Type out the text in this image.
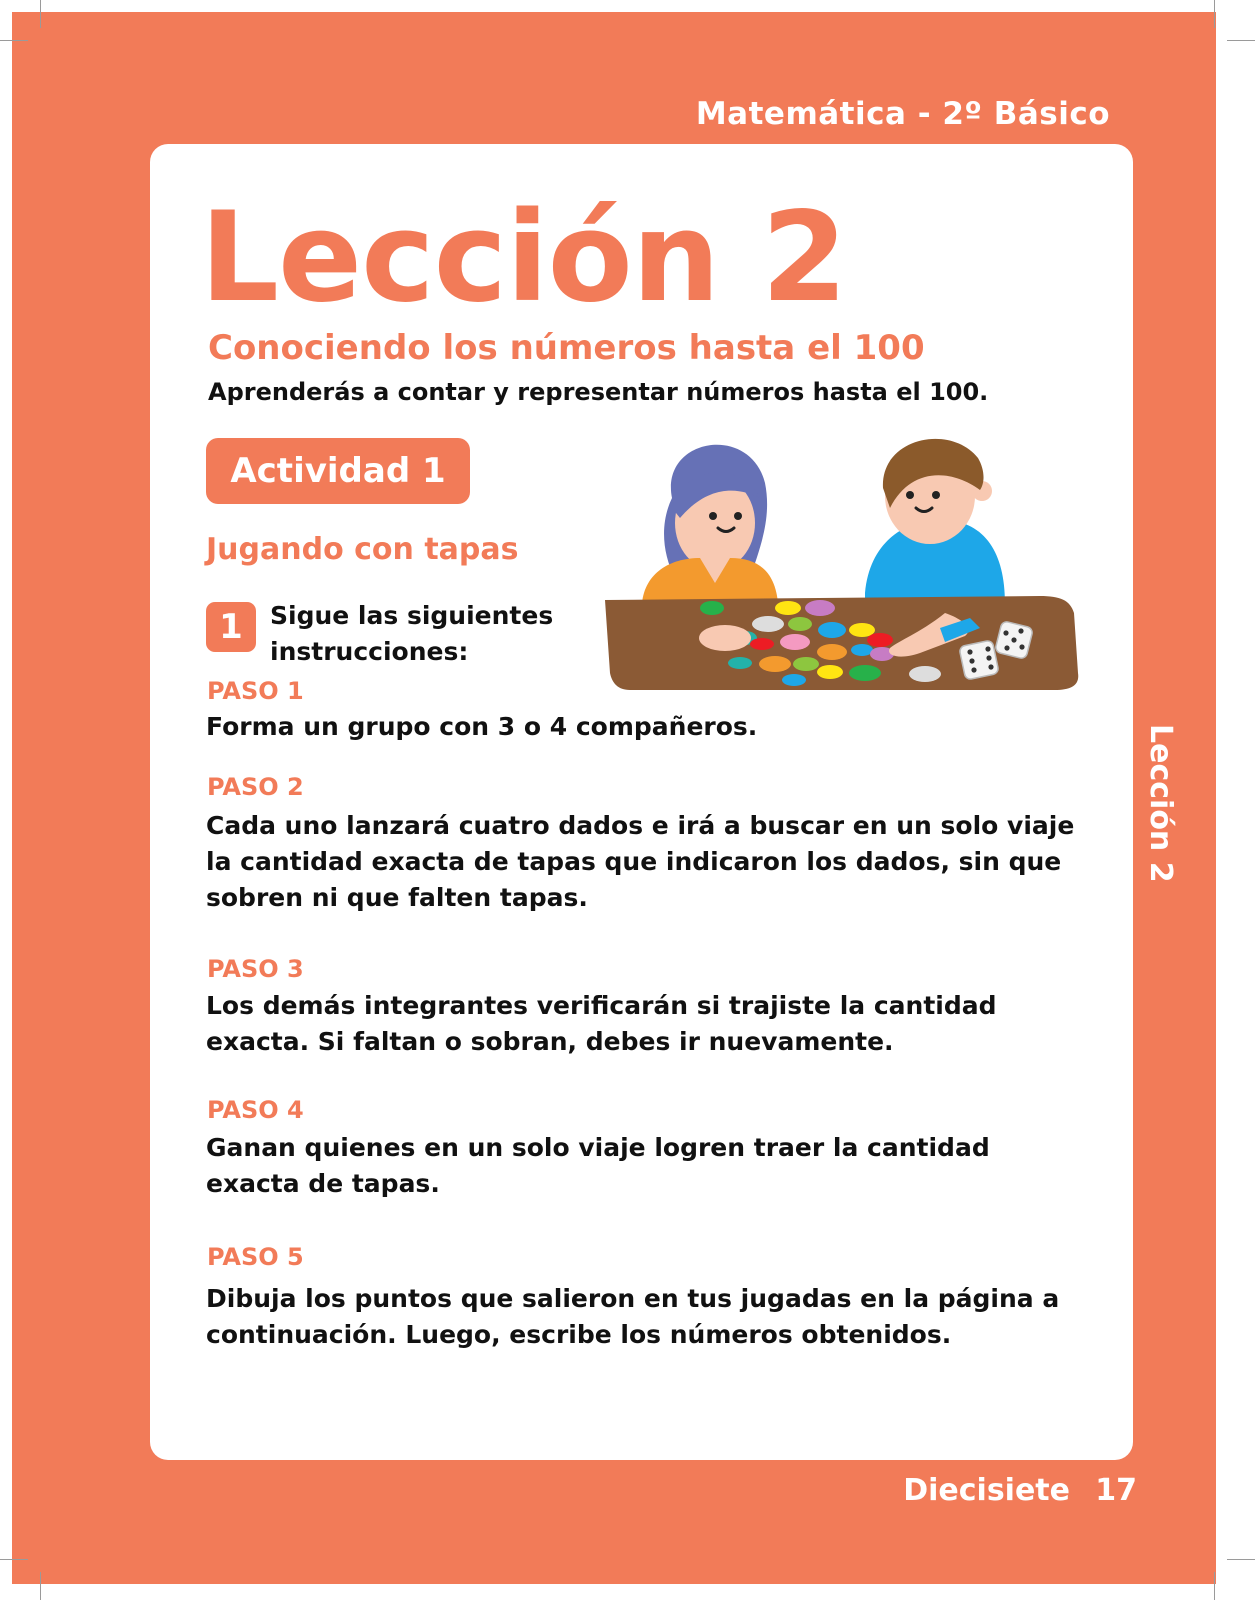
Matemática - 2º Básico
Lección 2
Conociendo los números hasta el 100
Aprenderás a contar y representar números hasta el 100.
Actividad 1
Jugando con tapas
1 Sigue las siguientes instrucciones:
PASO 1
Forma un grupo con 3 o 4 compañeros.
PASO 2
Cada uno lanzará cuatro dados e irá a buscar en un solo viaje la cantidad exacta de tapas que indicaron los dados, sin que sobren ni que falten tapas.
PASO 3
Los demás integrantes verificarán si trajiste la cantidad exacta. Si faltan o sobran, debes ir nuevamente.
PASO 4
Ganan quienes en un solo viaje logren traer la cantidad exacta de tapas.
PASO 5
Dibuja los puntos que salieron en tus jugadas en la página a continuación. Luego, escribe los números obtenidos.
Lección 2
Diecisiete 17
